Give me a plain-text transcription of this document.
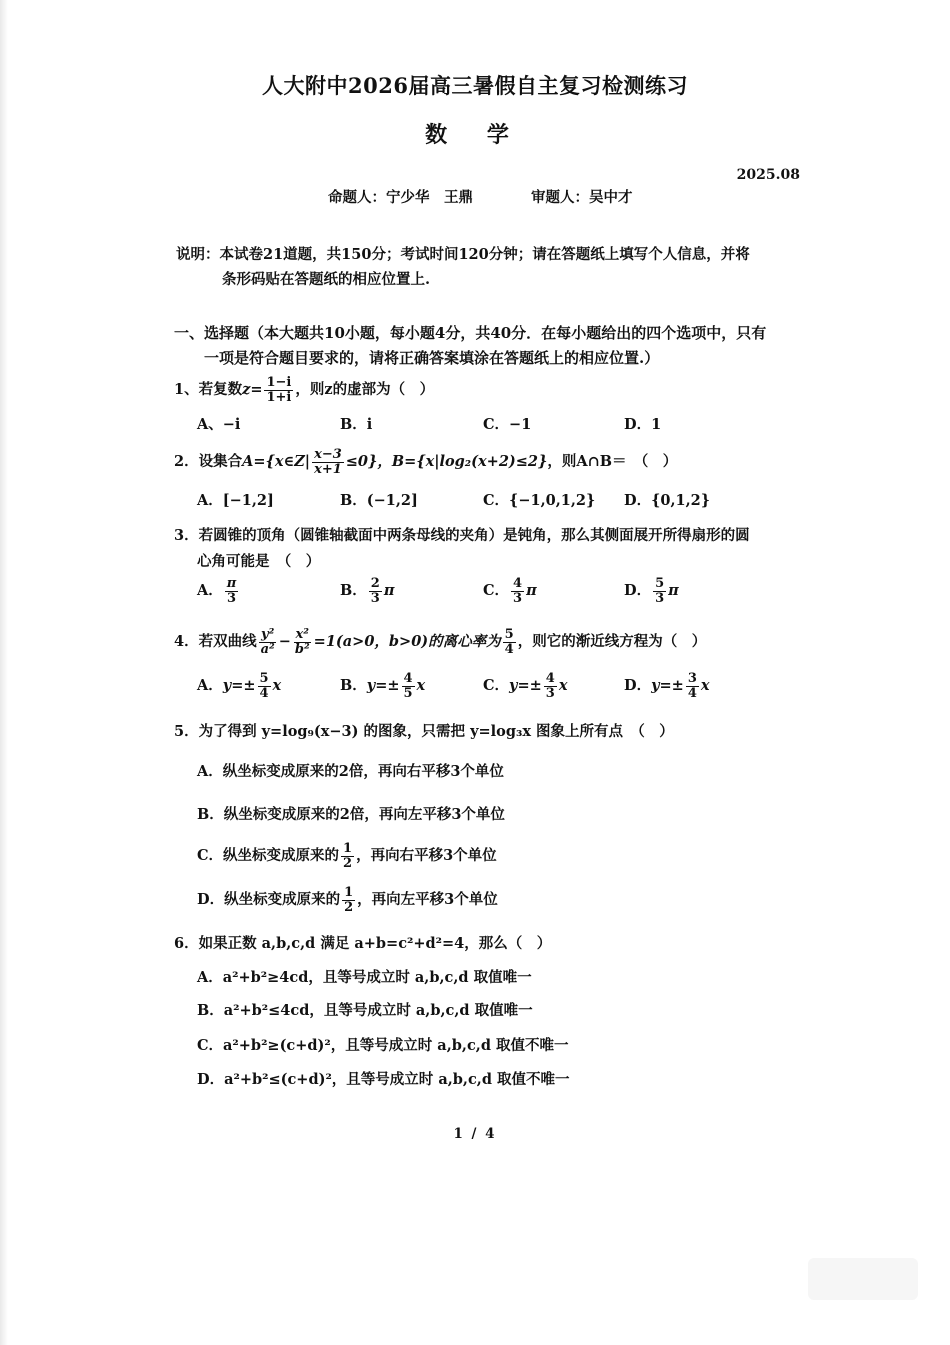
人大附中2026届高三暑假自主复习检测练习
数 学
2025.08
命题人：宁少华　王鼎　　　　审题人：吴中才
说明：本试卷21道题，共150分；考试时间120分钟；请在答题纸上填写个人信息，并将
条形码贴在答题纸的相应位置上.
一、选择题（本大题共10小题，每小题4分，共40分．在每小题给出的四个选项中，只有
一项是符合题目要求的，请将正确答案填涂在答题纸上的相应位置.）
1、若复数$z= \frac{1-i}{1+i}$ ，则z的虚部为（　）
A、−i	B．i	C．−1	D．1
2．设集合A={x∈Z| $\frac{x-3}{x+1} \le 0$}，B={x|log₂(x+2)≤2}，则A∩B＝　（　）
A．[−1,2]	B．(−1,2]	C．{−1,0,1,2} D．{0,1,2}
3．若圆锥的顶角（圆锥轴截面中两条母线的夹角）是钝角，那么其侧面展开所得扇形的圆
心角可能是　（　）
A． $\frac{\pi}{3}$	B． $\frac{2}{3}$ π	C． $\frac{4}{3}$ π	D． $\frac{5}{3}$ π
4．若双曲线 $\frac{\text{y²}}{\text{a²}} - \frac{\text{x²}}{\text{b²}} =1(a>0$，b>0)的离心率为 $\frac{5}{4}$ ，则它的渐近线方程为（　）
A．$y=\pm \frac{5}{4}$ x	B．$y=\pm \frac{4}{5}$ x	C．$y=\pm \frac{4}{3}$ x	D．$y=\pm \frac{3}{4}$ x
5．为了得到 y=log₉(x−3) 的图象，只需把 y=log₃x 图象上所有点　（　）
A．纵坐标变成原来的2倍，再向右平移3个单位
B．纵坐标变成原来的2倍，再向左平移3个单位
C．纵坐标变成原来的 $\frac{1}{2}$ ，再向右平移3个单位
D．纵坐标变成原来的 $\frac{1}{2}$ ，再向左平移3个单位
6．如果正数 a,b,c,d 满足 a+b=c²+d²=4，那么（　）
A．a²+b²≥4cd，且等号成立时 a,b,c,d 取值唯一
B．a²+b²≤4cd，且等号成立时 a,b,c,d 取值唯一
C．a²+b²≥(c+d)²，且等号成立时 a,b,c,d 取值不唯一
D．a²+b²≤(c+d)²，且等号成立时 a,b,c,d 取值不唯一
1 / 4
